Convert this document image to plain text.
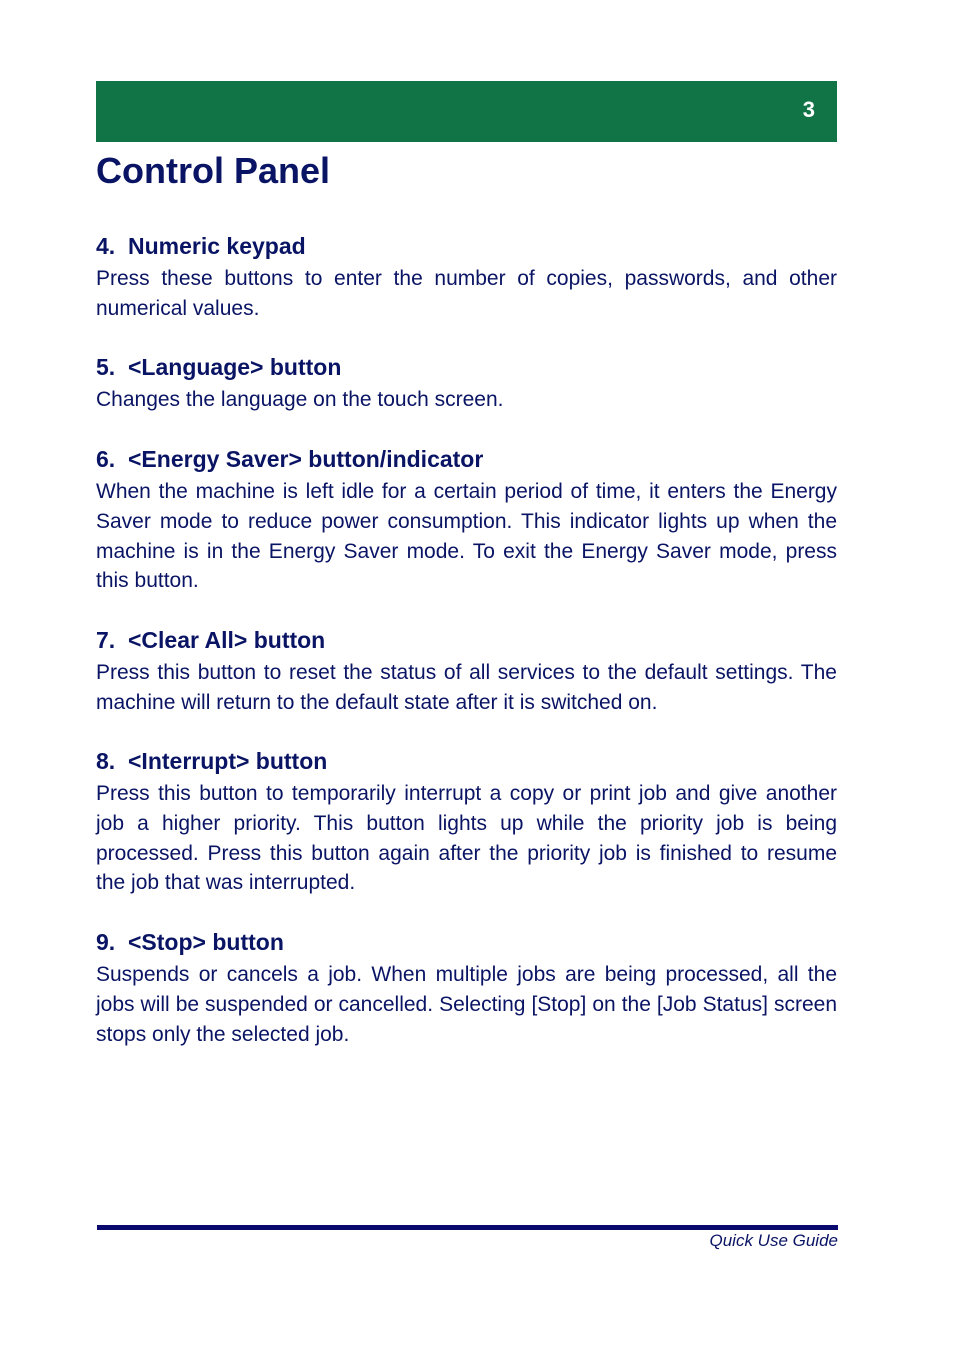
3
Control Panel
4. Numeric keypad

Press these buttons to enter the number of copies, passwords, and other numerical values.

5. <Language> button

Changes the language on the touch screen.

6. <Energy Saver> button/indicator

When the machine is left idle for a certain period of time, it enters the Energy Saver mode to reduce power consumption. This indicator lights up when the machine is in the Energy Saver mode. To exit the Energy Saver mode, press this button.

7. <Clear All> button

Press this button to reset the status of all services to the default settings. The machine will return to the default state after it is switched on.

8. <Interrupt> button

Press this button to temporarily interrupt a copy or print job and give another job a higher priority. This button lights up while the priority job is being processed. Press this button again after the priority job is finished to resume the job that was interrupted.

9. <Stop> button

Suspends or cancels a job. When multiple jobs are being processed, all the jobs will be suspended or cancelled. Selecting [Stop] on the [Job Status] screen stops only the selected job.

Quick Use Guide
